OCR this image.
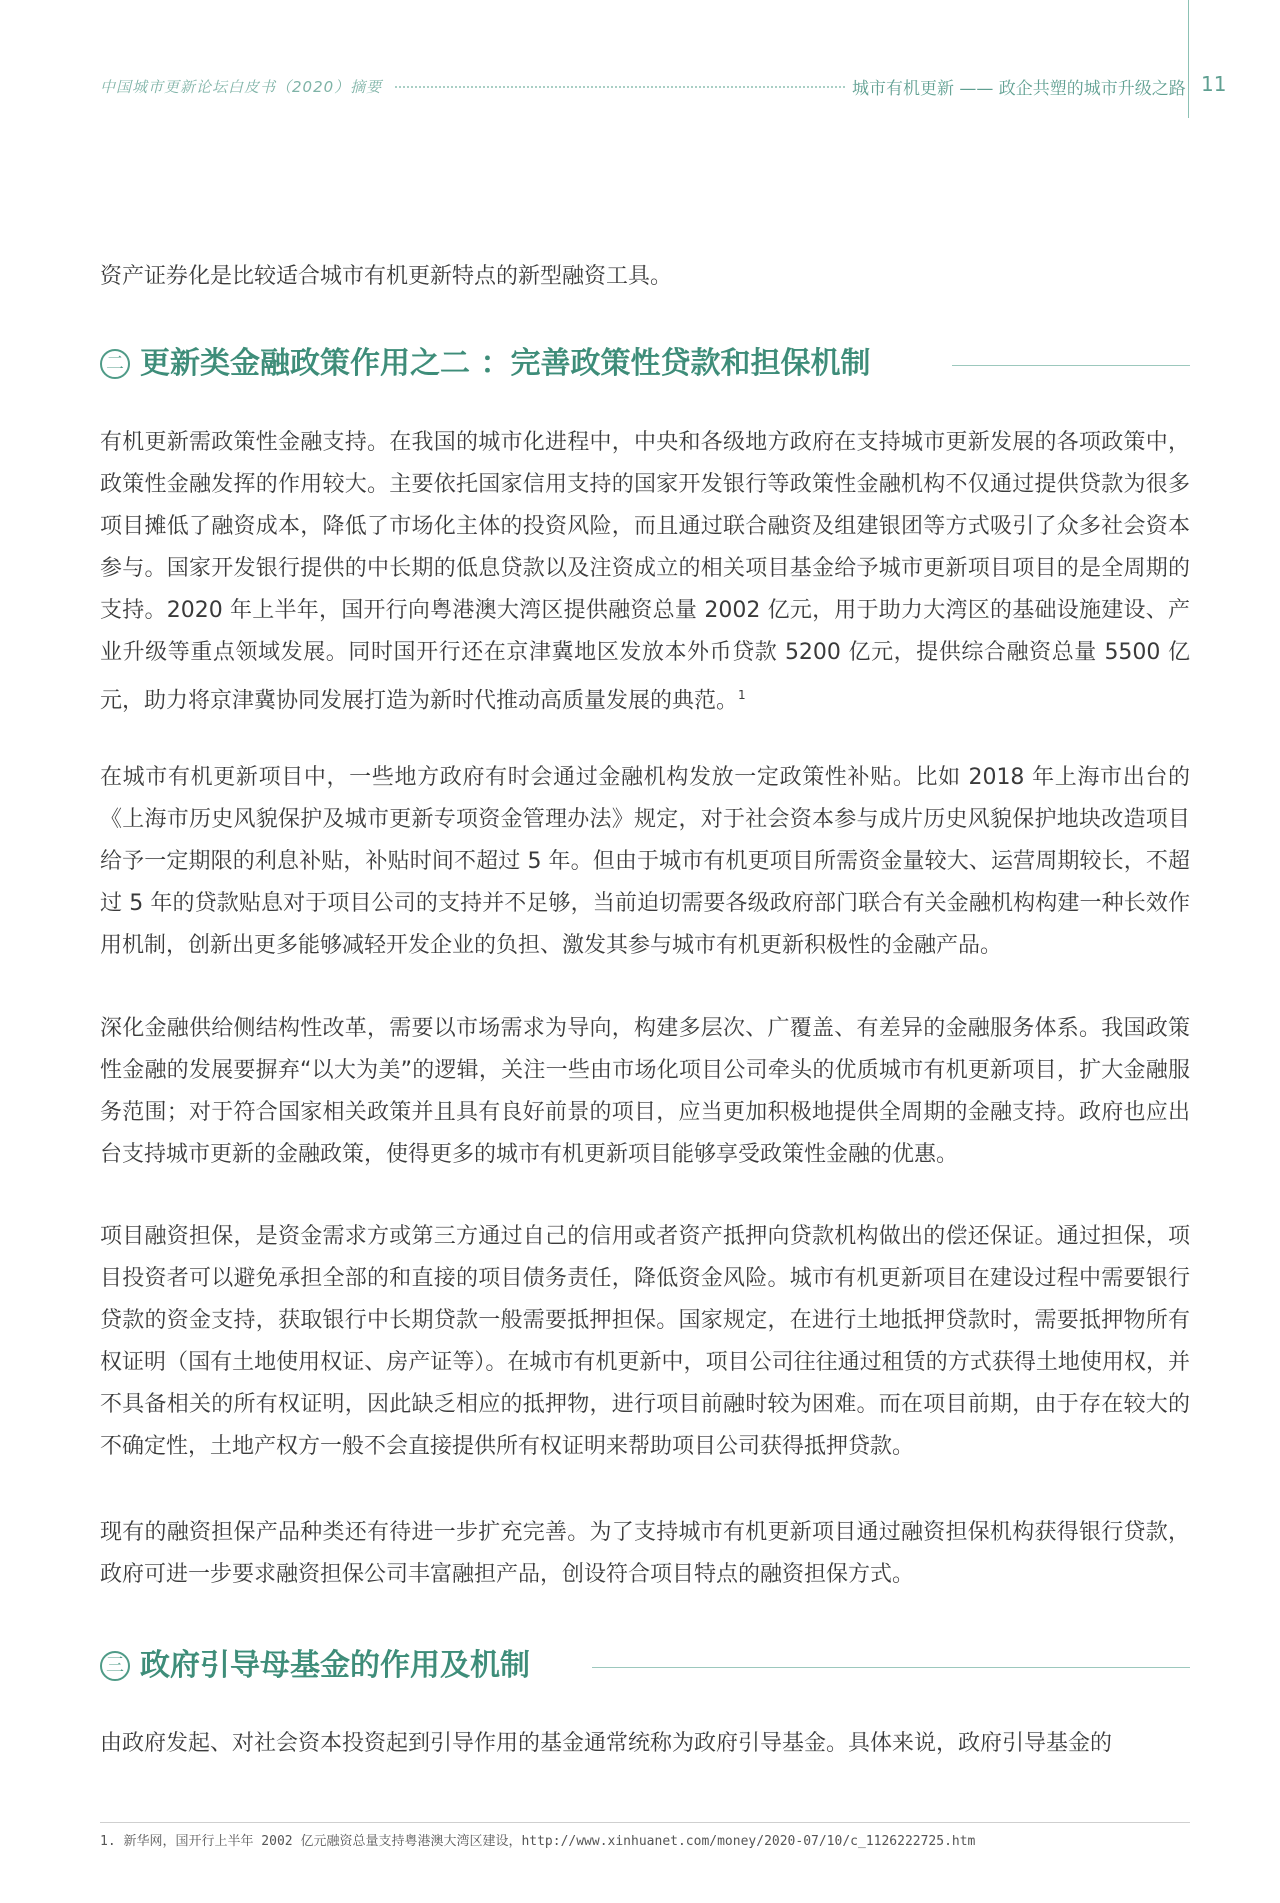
中国城市更新论坛白皮书（2020）摘要	城市有机更新 —— 政企共塑的城市升级之路 11

资产证券化是比较适合城市有机更新特点的新型融资工具。

二 更新类金融政策作用之二 ：完善政策性贷款和担保机制

有机更新需政策性金融支持。在我国的城市化进程中，中央和各级地方政府在支持城市更新发展的各项政策中，政策性金融发挥的作用较大。主要依托国家信用支持的国家开发银行等政策性金融机构不仅通过提供贷款为很多项目摊低了融资成本，降低了市场化主体的投资风险，而且通过联合融资及组建银团等方式吸引了众多社会资本参与。国家开发银行提供的中长期的低息贷款以及注资成立的相关项目基金给予城市更新项目项目的是全周期的支持。2020 年上半年，国开行向粤港澳大湾区提供融资总量 2002 亿元，用于助力大湾区的基础设施建设、产业升级等重点领域发展。同时国开行还在京津冀地区发放本外币贷款 5200 亿元，提供综合融资总量 5500 亿元，助力将京津冀协同发展打造为新时代推动高质量发展的典范。$^1$

在城市有机更新项目中，一些地方政府有时会通过金融机构发放一定政策性补贴。比如 2018 年上海市出台的《上海市历史风貌保护及城市更新专项资金管理办法》规定，对于社会资本参与成片历史风貌保护地块改造项目给予一定期限的利息补贴，补贴时间不超过 5 年。但由于城市有机更项目所需资金量较大、运营周期较长，不超过 5 年的贷款贴息对于项目公司的支持并不足够，当前迫切需要各级政府部门联合有关金融机构构建一种长效作用机制，创新出更多能够减轻开发企业的负担、激发其参与城市有机更新积极性的金融产品。

深化金融供给侧结构性改革，需要以市场需求为导向，构建多层次、广覆盖、有差异的金融服务体系。我国政策性金融的发展要摒弃“以大为美”的逻辑，关注一些由市场化项目公司牵头的优质城市有机更新项目，扩大金融服务范围；对于符合国家相关政策并且具有良好前景的项目，应当更加积极地提供全周期的金融支持。政府也应出台支持城市更新的金融政策，使得更多的城市有机更新项目能够享受政策性金融的优惠。

项目融资担保，是资金需求方或第三方通过自己的信用或者资产抵押向贷款机构做出的偿还保证。通过担保，项目投资者可以避免承担全部的和直接的项目债务责任，降低资金风险。城市有机更新项目在建设过程中需要银行贷款的资金支持，获取银行中长期贷款一般需要抵押担保。国家规定，在进行土地抵押贷款时，需要抵押物所有权证明（国有土地使用权证、房产证等）。在城市有机更新中，项目公司往往通过租赁的方式获得土地使用权，并不具备相关的所有权证明，因此缺乏相应的抵押物，进行项目前融时较为困难。而在项目前期，由于存在较大的不确定性，土地产权方一般不会直接提供所有权证明来帮助项目公司获得抵押贷款。

现有的融资担保产品种类还有待进一步扩充完善。为了支持城市有机更新项目通过融资担保机构获得银行贷款，政府可进一步要求融资担保公司丰富融担产品，创设符合项目特点的融资担保方式。

三 政府引导母基金的作用及机制

由政府发起、对社会资本投资起到引导作用的基金通常统称为政府引导基金。具体来说，政府引导基金的

1. 新华网，国开行上半年 2002 亿元融资总量支持粤港澳大湾区建设，http://www.xinhuanet.com/money/2020-07/10/c_1126222725.htm
